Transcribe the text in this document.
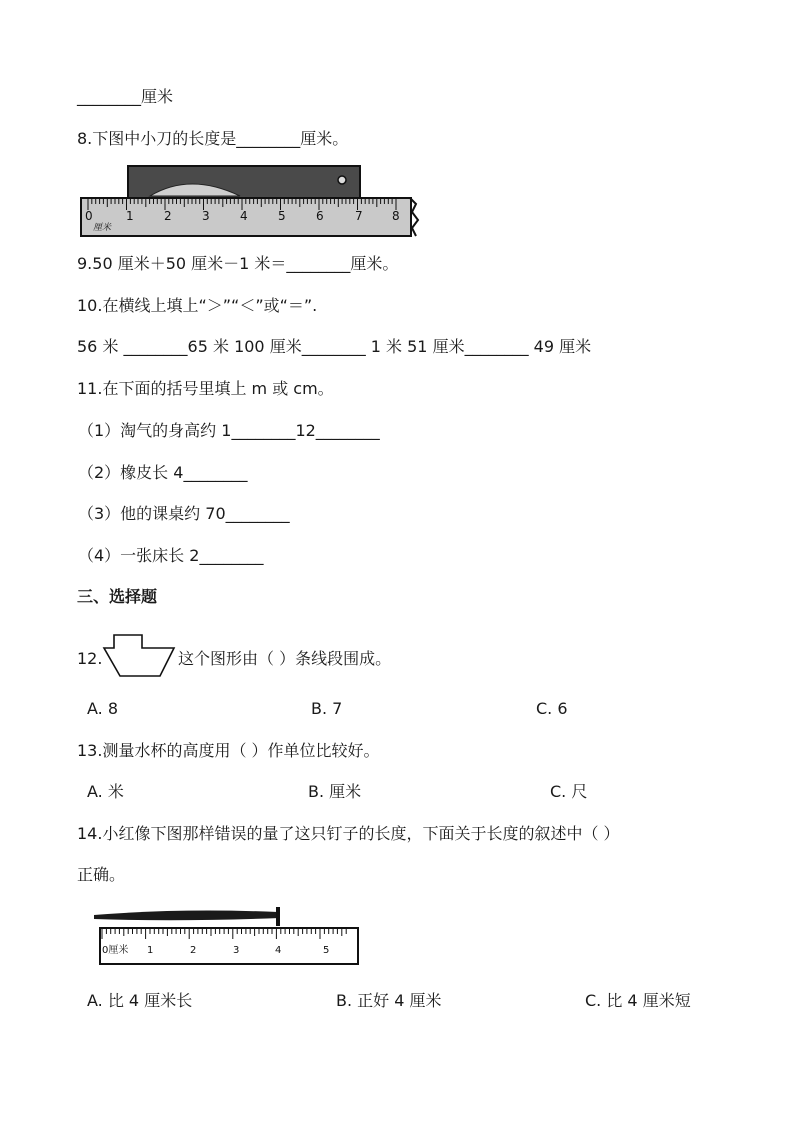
________厘米
8.下图中小刀的长度是________厘米。
0
厘米
1	2	3	4	5	6	7 8
9.50 厘米＋50 厘米－1 米＝________厘米。
10.在横线上填上“＞”“＜”或“＝”.
56 米 ________65 米 100 厘米________ 1 米 51 厘米________ 49 厘米
11.在下面的括号里填上 m 或 cm。
（1）淘气的身高约 1________12________
（2）橡皮长 4________
（3）他的课桌约 70________
（4）一张床长 2________
三、选择题
12.	这个图形由（ ）条线段围成。
A. 8	B. 7	C. 6
13.测量水杯的高度用（ ）作单位比较好。
A. 米	B. 厘米	C. 尺
14.小红像下图那样错误的量了这只钉子的长度，下面关于长度的叙述中（ ）
正确。
0厘米 1	2	3	4	5
A. 比 4 厘米长	B. 正好 4 厘米	C. 比 4 厘米短
